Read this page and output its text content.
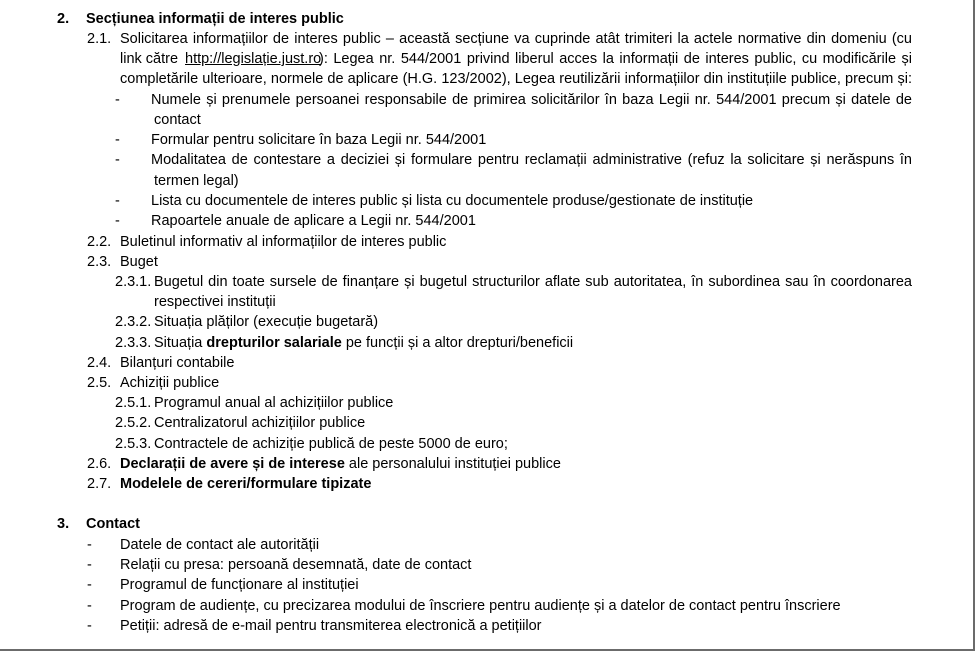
2. Secțiunea informații de interes public
2.1. Solicitarea informațiilor de interes public – această secțiune va cuprinde atât trimiteri la actele normative din domeniu (cu
link către http://legislație.just.ro
): Legea nr. 544/2001 privind liberul acces la informații de interes public, cu modificările și
completările ulterioare, normele de aplicare (H.G. 123/2002), Legea reutilizării informațiilor din instituțiile publice, precum și:
- Numele și prenumele persoanei responsabile de primirea solicitărilor în baza Legii nr. 544/2001 precum și datele de
contact
- Formular pentru solicitare în baza Legii nr. 544/2001
- Modalitatea de contestare a deciziei și formulare pentru reclamații administrative (refuz la solicitare și nerăspuns în
termen legal)
- Lista cu documentele de interes public și lista cu documentele produse/gestionate de instituție
- Rapoartele anuale de aplicare a Legii nr. 544/2001
2.2. Buletinul informativ al informațiilor de interes public
2.3. Buget
2.3.1. Bugetul din toate sursele de finanțare și bugetul structurilor aflate sub autoritatea, în subordinea sau în coordonarea
respectivei instituții
2.3.2. Situația plăților (execuție bugetară)
2.3.3. Situația drepturilor salariale pe funcții și a altor drepturi/beneficii
2.4. Bilanțuri contabile
2.5. Achiziții publice
2.5.1. Programul anual al achizițiilor publice
2.5.2. Centralizatorul achizițiilor publice
2.5.3. Contractele de achiziție publică de peste 5000 de euro;
2.6. Declarații de avere și de interese ale personalului instituției publice
2.7. Modelele de cereri/formulare tipizate
3. Contact
- Datele de contact ale autorității
- Relații cu presa: persoană desemnată, date de contact
- Programul de funcționare al instituției
- Program de audiențe, cu precizarea modului de înscriere pentru audiențe și a datelor de contact pentru înscriere
- Petiții: adresă de e-mail pentru transmiterea electronică a petițiilor
